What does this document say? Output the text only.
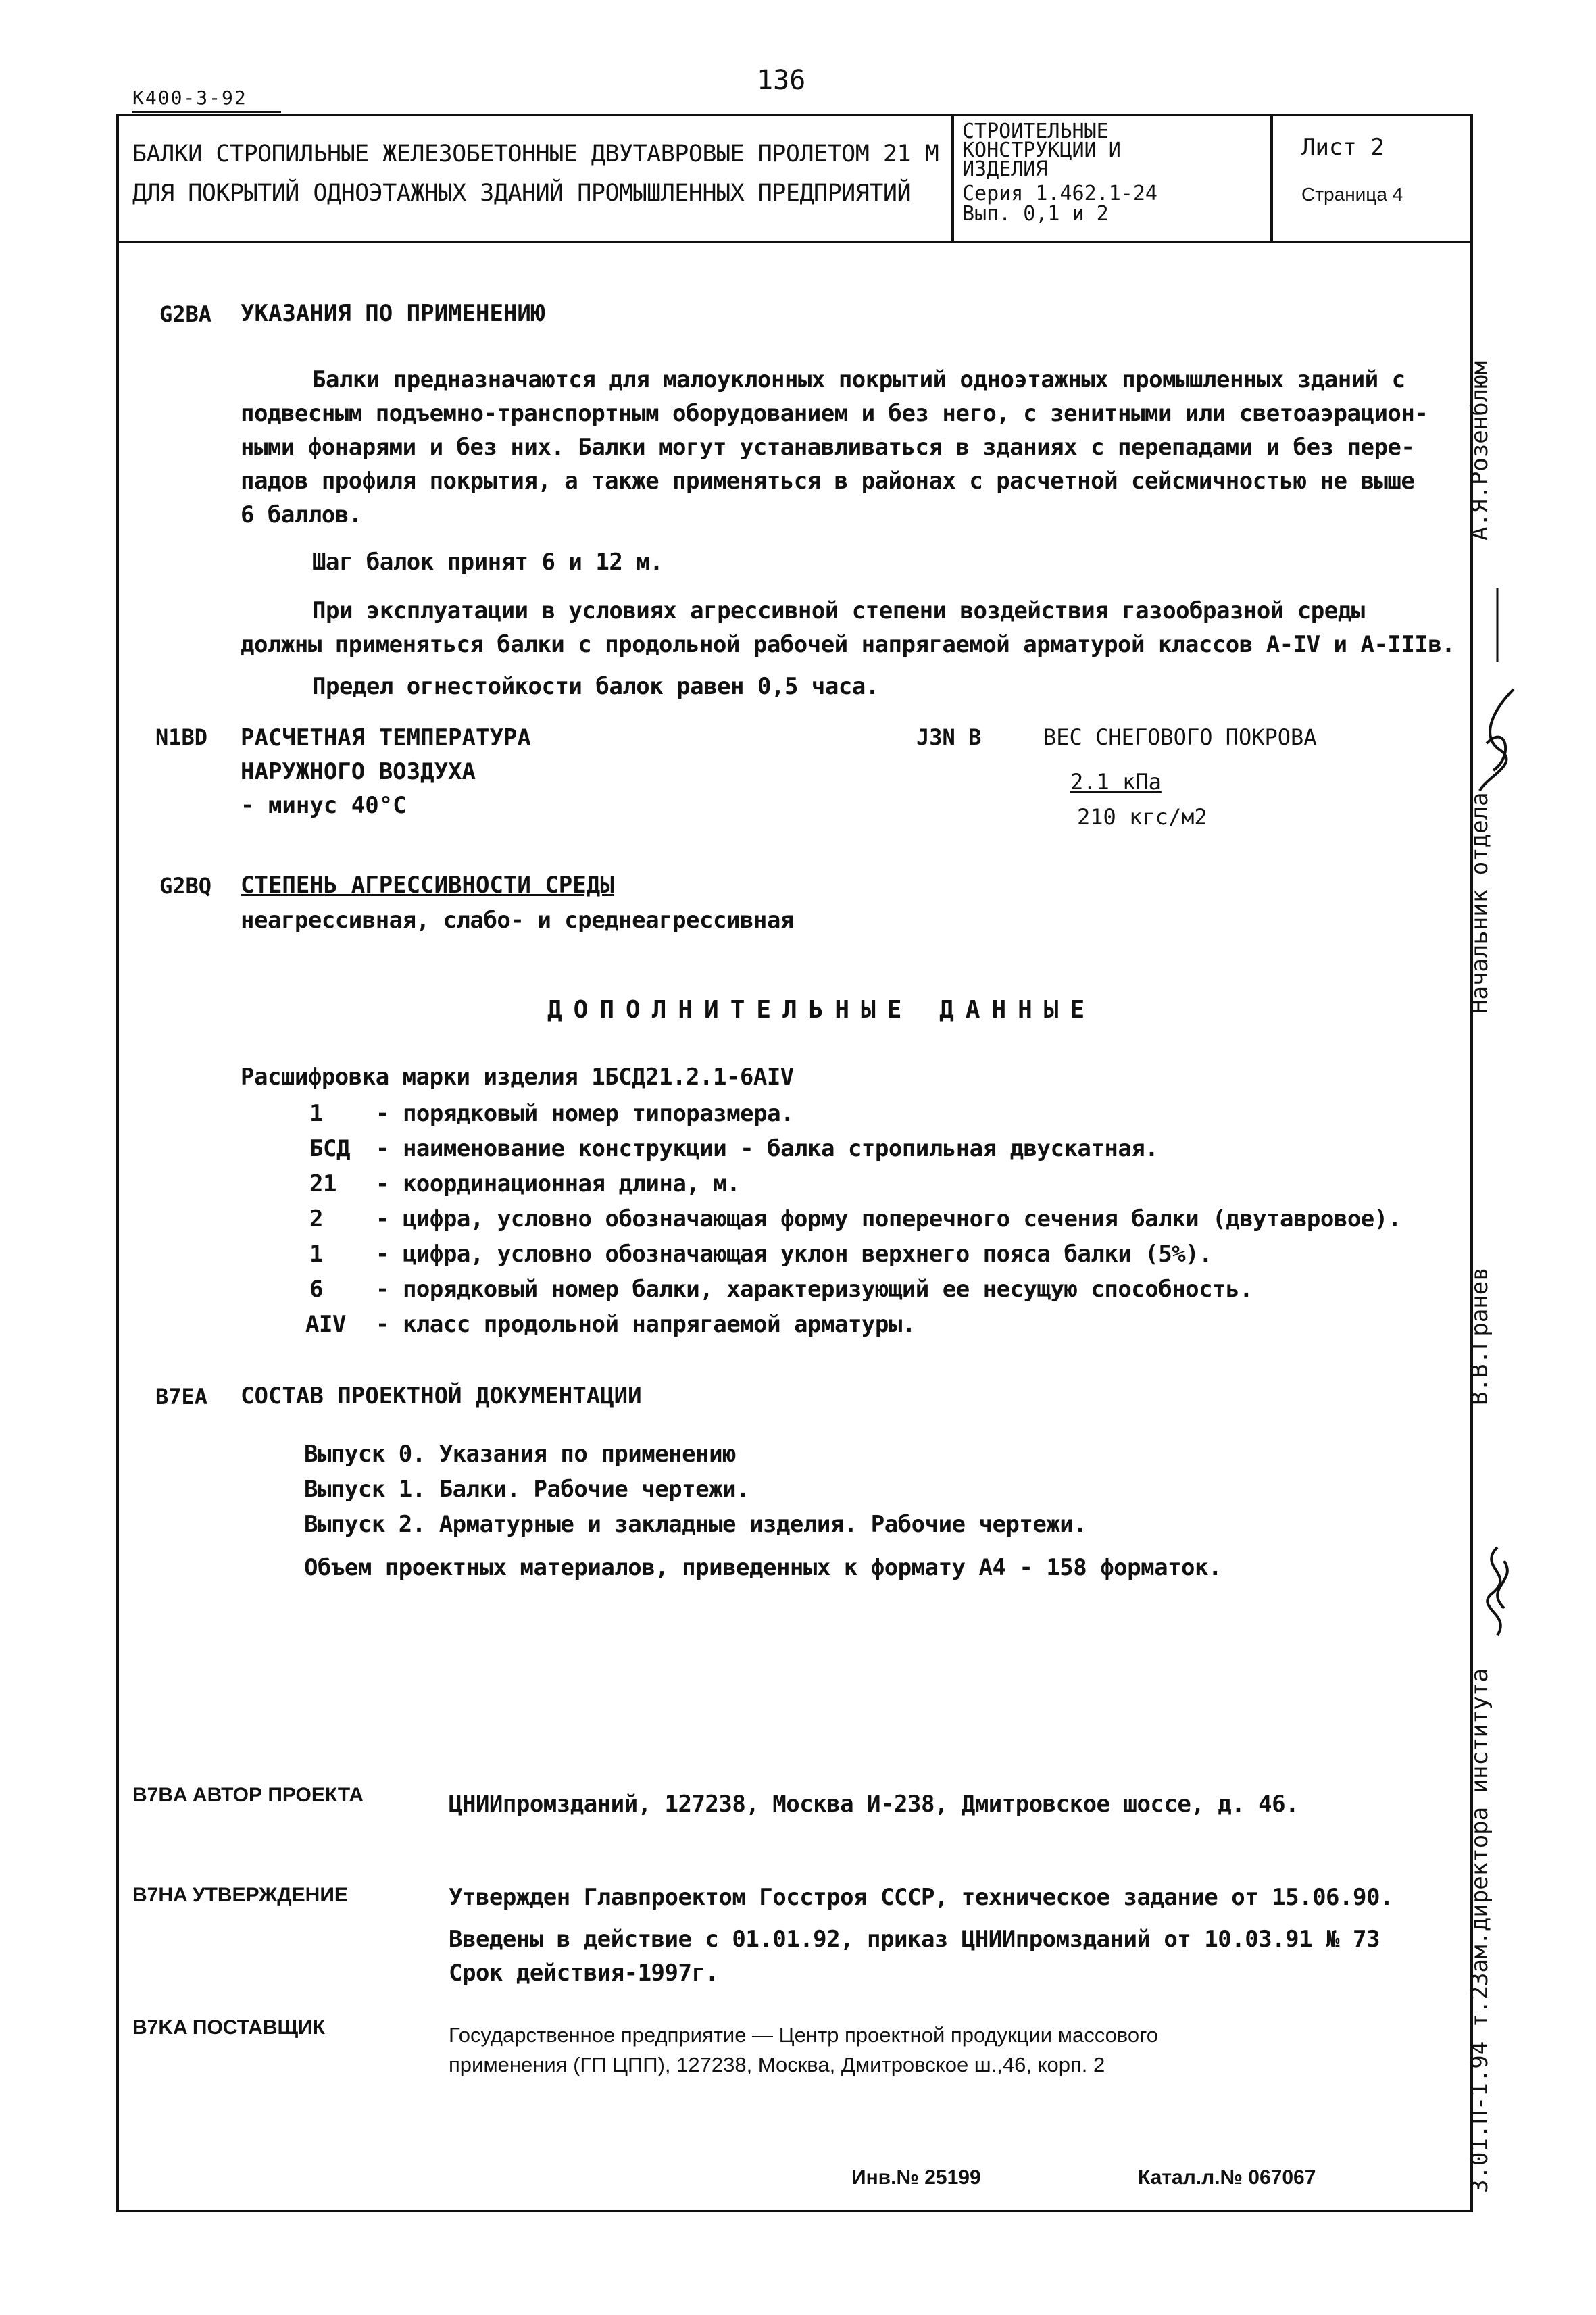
136
K400-3-92
БАЛКИ СТРОПИЛЬНЫЕ ЖЕЛЕЗОБЕТОННЫЕ ДВУТАВРОВЫЕ ПРОЛЕТОМ 21 М
ДЛЯ ПОКРЫТИЙ ОДНОЭТАЖНЫХ ЗДАНИЙ ПРОМЫШЛЕННЫХ ПРЕДПРИЯТИЙ
СТРОИТЕЛЬНЫЕ
КОНСТРУКЦИИ И
ИЗДЕЛИЯ
Серия 1.462.1-24
Вып. 0,1 и 2
Лист 2
Страница 4
G2BA УКАЗАНИЯ ПО ПРИМЕНЕНИЮ
Балки предназначаются для малоуклонных покрытий одноэтажных промышленных зданий с
подвесным подъемно-транспортным оборудованием и без него, с зенитными или светоаэрацион-
ными фонарями и без них. Балки могут устанавливаться в зданиях с перепадами и без пере-
падов профиля покрытия, а также применяться в районах с расчетной сейсмичностью не выше
6 баллов.
Шаг балок принят 6 и 12 м.
При эксплуатации в условиях агрессивной степени воздействия газообразной среды
должны применяться балки с продольной рабочей напрягаемой арматурой классов А-IV и А-IIIв.
Предел огнестойкости балок равен 0,5 часа.
N1BD РАСЧЕТНАЯ ТЕМПЕРАТУРА
НАРУЖНОГО ВОЗДУХА
- минус 40°С
J3N B	ВЕС СНЕГОВОГО ПОКРОВА
2.1 кПа
210 кгс/м2
G2BQ СТЕПЕНЬ АГРЕССИВНОСТИ СРЕДЫ
неагрессивная, слабо- и среднеагрессивная
ДОПОЛНИТЕЛЬНЫЕ ДАННЫЕ
Расшифровка марки изделия 1БСД21.2.1-6АIV
1 - порядковый номер типоразмера.
БСД - наименование конструкции - балка стропильная двускатная.
21 - координационная длина, м.
2 - цифра, условно обозначающая форму поперечного сечения балки (двутавровое).
1 - цифра, условно обозначающая уклон верхнего пояса балки (5%).
6 - порядковый номер балки, характеризующий ее несущую способность.
АIV - класс продольной напрягаемой арматуры.
B7EA СОСТАВ ПРОЕКТНОЙ ДОКУМЕНТАЦИИ
Выпуск 0. Указания по применению
Выпуск 1. Балки. Рабочие чертежи.
Выпуск 2. Арматурные и закладные изделия. Рабочие чертежи.
Объем проектных материалов, приведенных к формату А4 - 158 форматок.
B7BA АВТОР ПРОЕКТА	ЦНИИпромзданий, 127238, Москва И-238, Дмитровское шоссе, д. 46.
B7HA УТВЕРЖДЕНИЕ	Утвержден Главпроектом Госстроя СССР, техническое задание от 15.06.90.
Введены в действие с 01.01.92, приказ ЦНИИпромзданий от 10.03.91 № 73
Срок действия-1997г.
B7KA ПОСТАВЩИК	Государственное предприятие — Центр проектной продукции массового
применения (ГП ЦПП), 127238, Москва, Дмитровское ш.,46, корп. 2
Инв.№ 25199	Катал.л.№ 067067
А.Я.Розенблюм
Начальник отдела
В.В.Гранев
Зам.директора института
3.01.П-1.94 т.2
